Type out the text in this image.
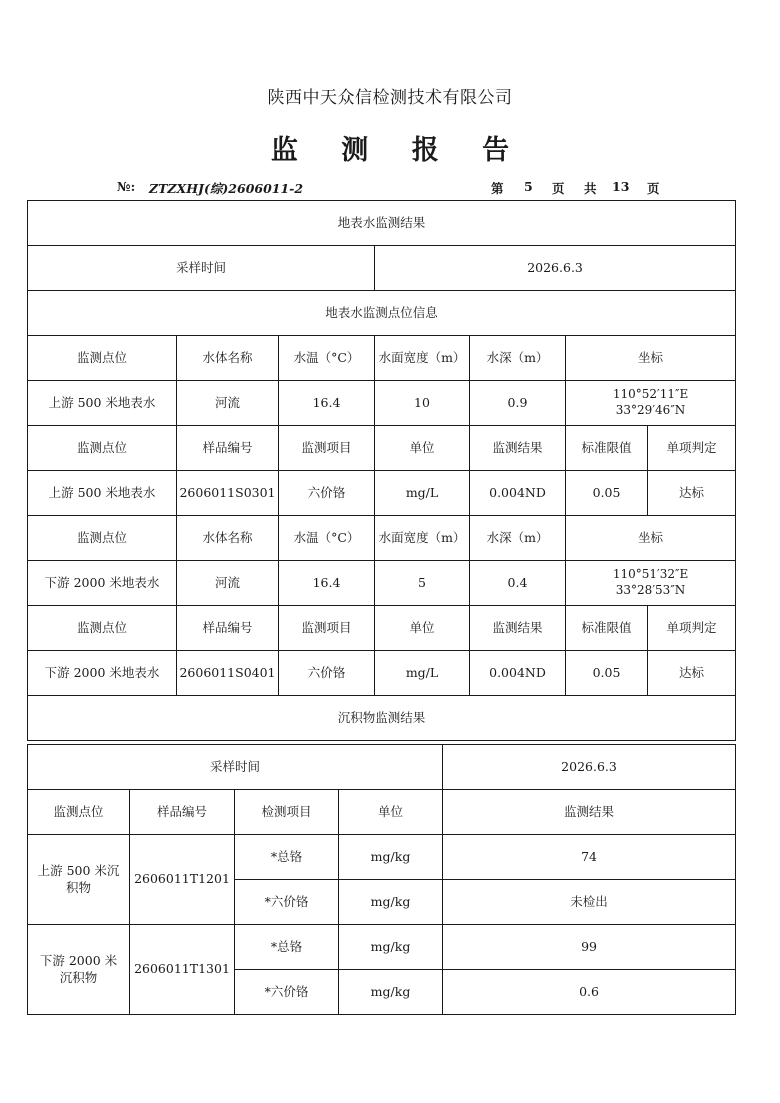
陕西中天众信检测技术有限公司
监 测 报 告
№: ZTZXHJ(综)2606011-2	第 5 页 共 13 页
地表水监测结果						
采样时间			2026.6.3			
地表水监测点位信息						
监测点位	水体名称	水温（°C）	水面宽度（m）	水深（m）	坐标	
上游 500 米地表水	河流	16.4	10	0.9	110°52′11″E
33°29′46″N	

监测点位	样品编号	监测项目	单位	监测结果	标准限值	单项判定
上游 500 米地表水	2606011S0301	六价铬	mg/L	0.004ND	0.05	达标
监测点位	水体名称	水温（°C）	水面宽度（m）	水深（m）	坐标	
下游 2000 米地表水	河流	16.4	5	0.4	110°51′32″E
33°28′53″N	

监测点位	样品编号	监测项目	单位	监测结果	标准限值	单项判定
下游 2000 米地表水	2606011S0401	六价铬	mg/L	0.004ND	0.05	达标
沉积物监测结果						
采样时间				2026.6.3
监测点位	样品编号	检测项目	单位	监测结果
上游 500 米沉积物	2606011T1201	*总铬	mg/kg	74
		*六价铬	mg/kg	未检出
下游 2000 米沉积物	2606011T1301	*总铬	mg/kg	99
		*六价铬	mg/kg	0.6
